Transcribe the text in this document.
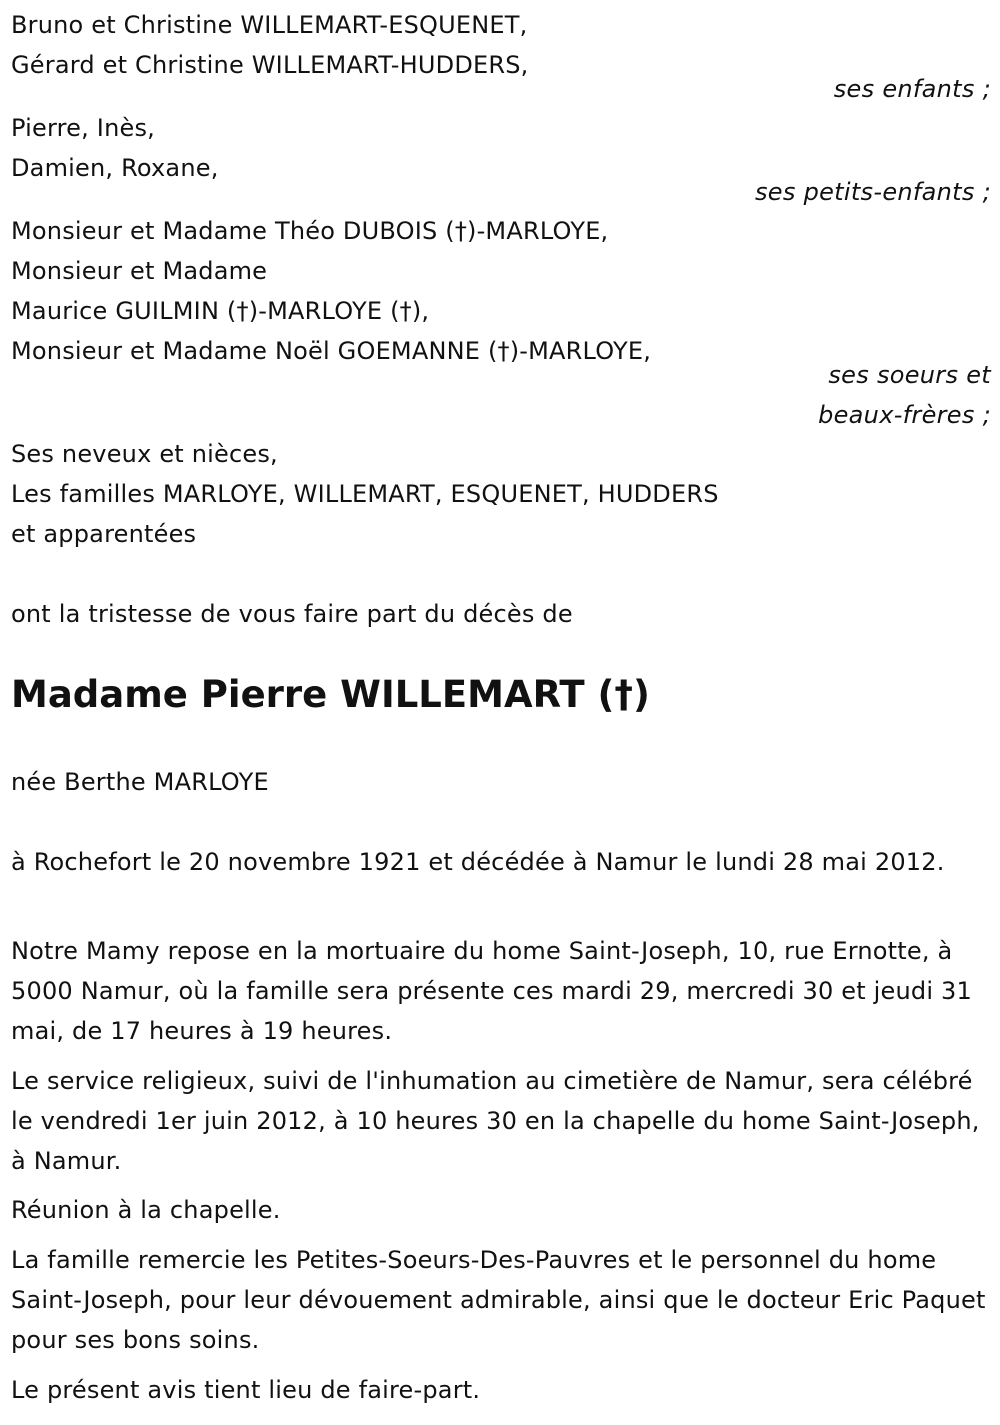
Bruno et Christine WILLEMART-ESQUENET,
Gérard et Christine WILLEMART-HUDDERS,
ses enfants ;
Pierre, Inès,
Damien, Roxane,
ses petits-enfants ;
Monsieur et Madame Théo DUBOIS (†)-MARLOYE,
Monsieur et Madame
Maurice GUILMIN (†)-MARLOYE (†),
Monsieur et Madame Noël GOEMANNE (†)-MARLOYE,
ses soeurs et
beaux-frères ;
Ses neveux et nièces,
Les familles MARLOYE, WILLEMART, ESQUENET, HUDDERS
et apparentées
ont la tristesse de vous faire part du décès de
Madame Pierre WILLEMART (†)
née Berthe MARLOYE
à Rochefort le 20 novembre 1921 et décédée à Namur le lundi 28 mai 2012.
Notre Mamy repose en la mortuaire du home Saint-Joseph, 10, rue Ernotte, à 5000 Namur, où la famille sera présente ces mardi 29, mercredi 30 et jeudi 31 mai, de 17 heures à 19 heures.
Le service religieux, suivi de l'inhumation au cimetière de Namur, sera célébré le vendredi 1er juin 2012, à 10 heures 30 en la chapelle du home Saint-Joseph, à Namur.
Réunion à la chapelle.
La famille remercie les Petites-Soeurs-Des-Pauvres et le personnel du home Saint-Joseph, pour leur dévouement admirable, ainsi que le docteur Eric Paquet pour ses bons soins.
Le présent avis tient lieu de faire-part.
